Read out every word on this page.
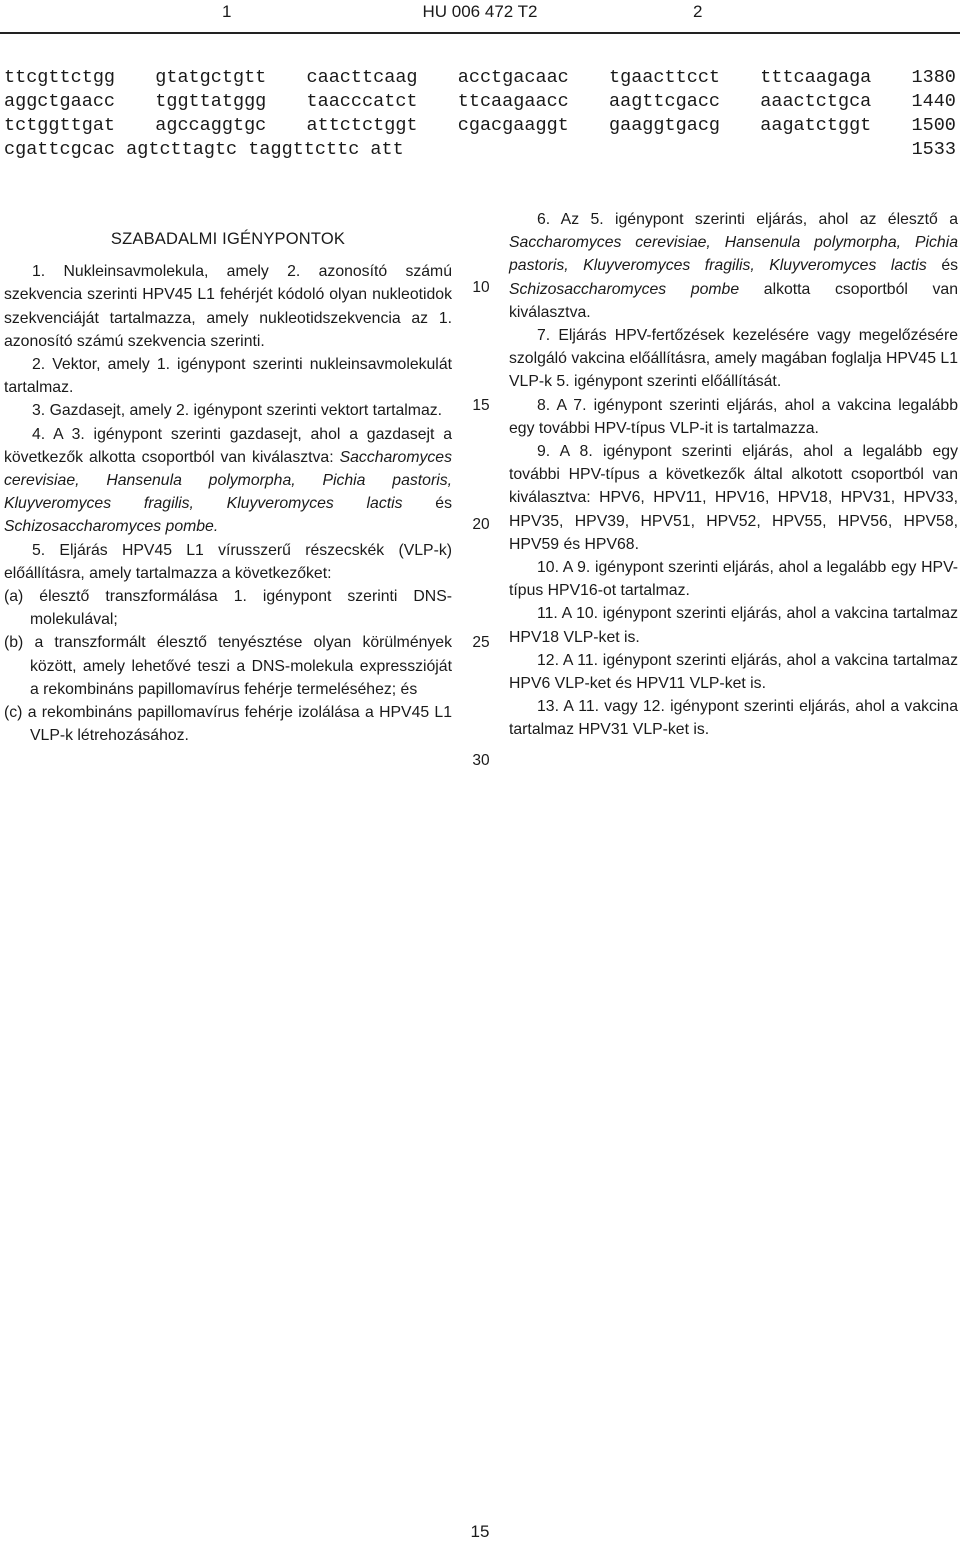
1	HU 006 472 T2	2
ttcgttctgg gtatgctgtt caacttcaag acctgacaac tgaacttcct tttcaagaga 1380
aggctgaacc tggttatggg taacccatct ttcaagaacc aagttcgacc aaactctgca 1440
tctggttgat agccaggtgc attctctggt cgacgaaggt gaaggtgacg aagatctggt 1500
cgattcgcac agtcttagtc taggttcttc att	1533

SZABADALMI IGÉNYPONTOK

1. Nukleinsavmolekula, amely 2. azonosító számú szekvencia szerinti HPV45 L1 fehérjét kódoló olyan nukleotidok szekvenciáját tartalmazza, amely nukleotidszekvencia az 1. azonosító számú szekvencia szerinti.

2. Vektor, amely 1. igénypont szerinti nukleinsavmolekulát tartalmaz.

3. Gazdasejt, amely 2. igénypont szerinti vektort tartalmaz.

4. A 3. igénypont szerinti gazdasejt, ahol a gazdasejt a következők alkotta csoportból van kiválasztva: Saccharomyces cerevisiae, Hansenula polymorpha, Pichia pastoris, Kluyveromyces fragilis, Kluyveromyces lactis és Schizosaccharomyces pombe.

5. Eljárás HPV45 L1 vírusszerű részecskék (VLP-k) előállításra, amely tartalmazza a következőket:

(a) élesztő transzformálása 1. igénypont szerinti DNS-molekulával;

(b) a transzformált élesztő tenyésztése olyan körülmények között, amely lehetővé teszi a DNS-molekula expresszióját a rekombináns papillomavírus fehérje termeléséhez; és

(c) a rekombináns papillomavírus fehérje izolálása a HPV45 L1 VLP-k létrehozásához.

10
15
20
25
30

6. Az 5. igénypont szerinti eljárás, ahol az élesztő a Saccharomyces cerevisiae, Hansenula polymorpha, Pichia pastoris, Kluyveromyces fragilis, Kluyveromyces lactis és Schizosaccharomyces pombe alkotta csoportból van kiválasztva.

7. Eljárás HPV-fertőzések kezelésére vagy megelőzésére szolgáló vakcina előállításra, amely magában foglalja HPV45 L1 VLP-k 5. igénypont szerinti előállítását.

8. A 7. igénypont szerinti eljárás, ahol a vakcina legalább egy további HPV-típus VLP-it is tartalmazza.

9. A 8. igénypont szerinti eljárás, ahol a legalább egy további HPV-típus a következők által alkotott csoportból van kiválasztva: HPV6, HPV11, HPV16, HPV18, HPV31, HPV33, HPV35, HPV39, HPV51, HPV52, HPV55, HPV56, HPV58, HPV59 és HPV68.

10. A 9. igénypont szerinti eljárás, ahol a legalább egy HPV-típus HPV16-ot tartalmaz.

11. A 10. igénypont szerinti eljárás, ahol a vakcina tartalmaz HPV18 VLP-ket is.

12. A 11. igénypont szerinti eljárás, ahol a vakcina tartalmaz HPV6 VLP-ket és HPV11 VLP-ket is.

13. A 11. vagy 12. igénypont szerinti eljárás, ahol a vakcina tartalmaz HPV31 VLP-ket is.

15
